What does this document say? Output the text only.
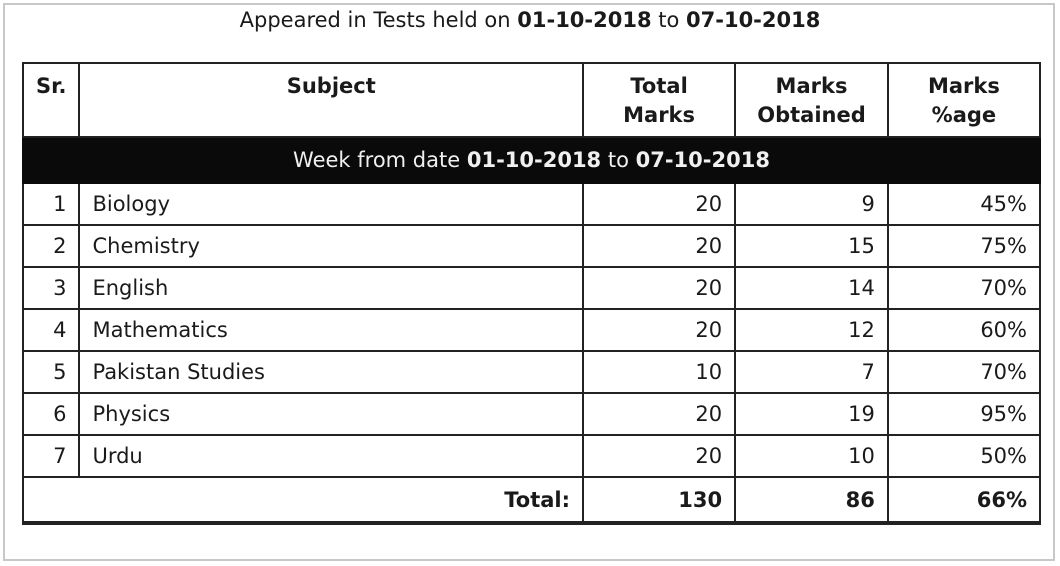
Appeared in Tests held on 01-10-2018 to 07-10-2018
Sr.	Subject	Total Marks	Marks Obtained	Marks %age
Week from date 01-10-2018 to 07-10-2018				
1	Biology	20	9	45%
2	Chemistry	20	15	75%
3	English	20	14	70%
4	Mathematics	20	12	60%
5	Pakistan Studies	10	7	70%
6	Physics	20	19	95%
7	Urdu	20	10	50%
Total:		130	86	66%
